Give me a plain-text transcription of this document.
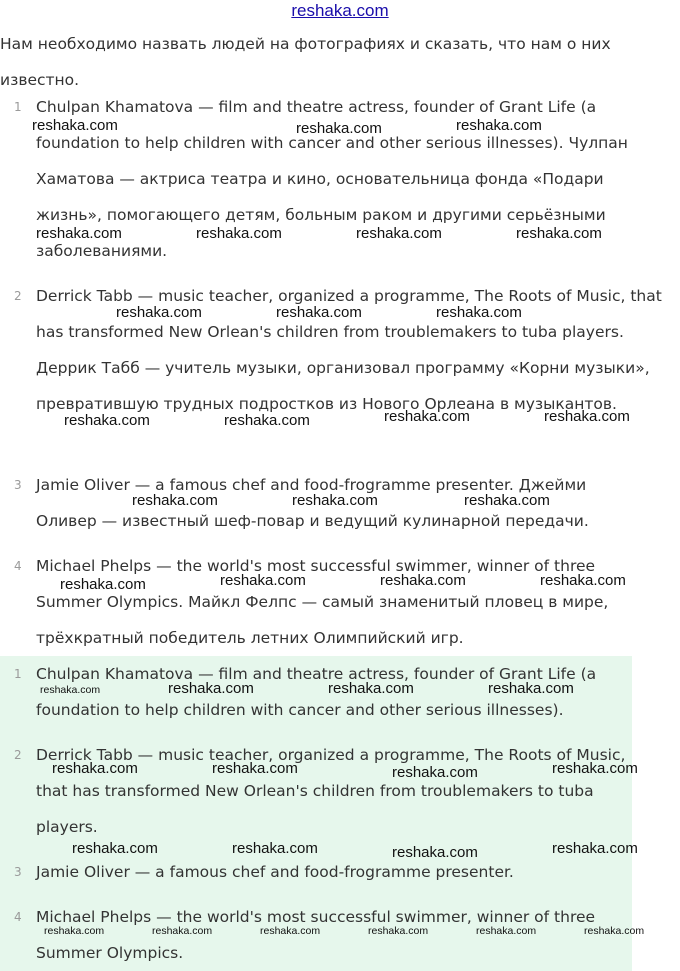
reshaka.com
Нам необходимо назвать людей на фотографиях и сказать, что нам о них известно.
1 Chulpan Khamatova — film and theatre actress, founder of Grant Life (a foundation to help children with cancer and other serious illnesses). Чулпан Хаматова — актриса театра и кино, основательница фонда «Подари жизнь», помогающего детям, больным раком и другими серьёзными заболеваниями.
2 Derrick Tabb — music teacher, organized a programme, The Roots of Music, that has transformed New Orlean's children from troublemakers to tuba players. Деррик Табб — учитель музыки, организовал программу «Корни музыки», превратившую трудных подростков из Нового Орлеана в музыкантов.
3 Jamie Oliver — a famous chef and food-frogramme presenter. Джейми Оливер — известный шеф-повар и ведущий кулинарной передачи.
4 Michael Phelps — the world's most successful swimmer, winner of three Summer Olympics. Майкл Фелпс — самый знаменитый пловец в мире, трёхкратный победитель летних Олимпийский игр.
1 Chulpan Khamatova — film and theatre actress, founder of Grant Life (a foundation to help children with cancer and other serious illnesses).
2 Derrick Tabb — music teacher, organized a programme, The Roots of Music, that has transformed New Orlean's children from troublemakers to tuba players.
3 Jamie Oliver — a famous chef and food-frogramme presenter.
4 Michael Phelps — the world's most successful swimmer, winner of three Summer Olympics.
reshaka.com	reshaka.com	reshaka.com
reshaka.com	reshaka.com	reshaka.com	reshaka.com
reshaka.com	reshaka.com	reshaka.com
reshaka.com	reshaka.com	reshaka.com	reshaka.com
reshaka.com	reshaka.com	reshaka.com
reshaka.com	reshaka.com	reshaka.com	reshaka.com
reshaka.com	reshaka.com	reshaka.com	reshaka.com
reshaka.com	reshaka.com	reshaka.com	reshaka.com
reshaka.com	reshaka.com	reshaka.com	reshaka.com
reshaka.com	reshaka.com	reshaka.com	reshaka.com	reshaka.com	reshaka.com
